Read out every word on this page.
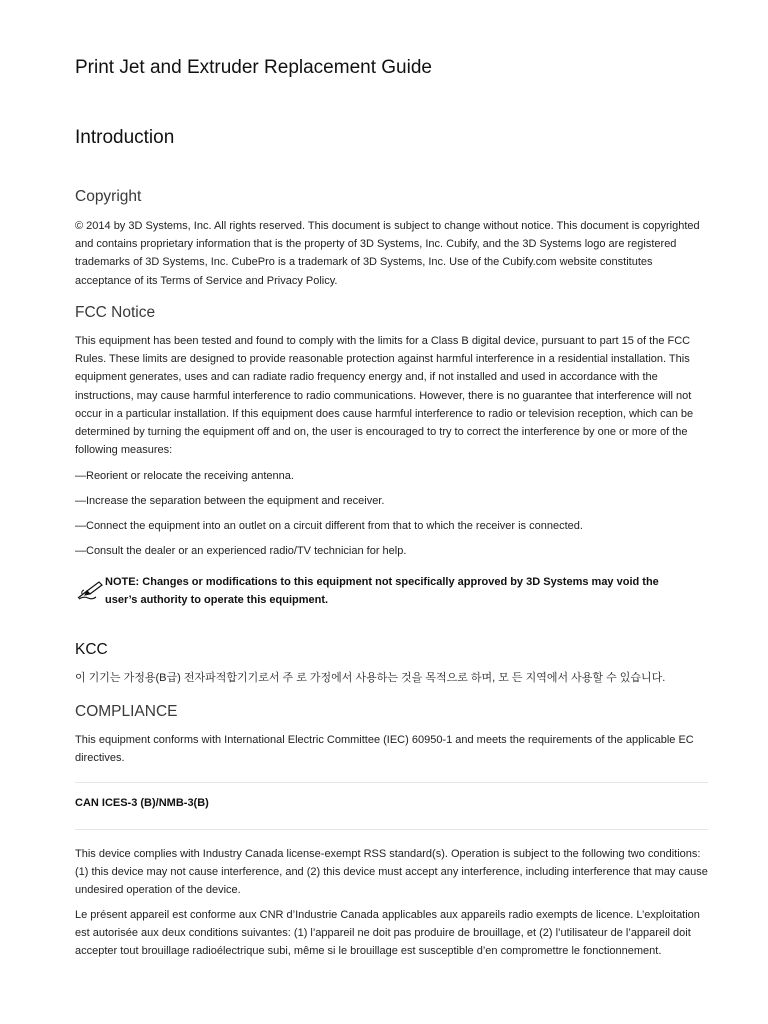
Print Jet and Extruder Replacement Guide
Introduction
Copyright

© 2014 by 3D Systems, Inc. All rights reserved. This document is subject to change without notice. This document is copyrighted and contains proprietary information that is the property of 3D Systems, Inc. Cubify, and the 3D Systems logo are registered trademarks of 3D Systems, Inc. CubePro is a trademark of 3D Systems, Inc. Use of the Cubify.com website constitutes acceptance of its Terms of Service and Privacy Policy.

FCC Notice

This equipment has been tested and found to comply with the limits for a Class B digital device, pursuant to part 15 of the FCC Rules. These limits are designed to provide reasonable protection against harmful interference in a residential installation. This equipment generates, uses and can radiate radio frequency energy and, if not installed and used in accordance with the instructions, may cause harmful interference to radio communications. However, there is no guarantee that interference will not occur in a particular installation. If this equipment does cause harmful interference to radio or television reception, which can be determined by turning the equipment off and on, the user is encouraged to try to correct the interference by one or more of the following measures:

—Reorient or relocate the receiving antenna.

—Increase the separation between the equipment and receiver.

—Connect the equipment into an outlet on a circuit different from that to which the receiver is connected.

—Consult the dealer or an experienced radio/TV technician for help.

NOTE: Changes or modifications to this equipment not specifically approved by 3D Systems may void the user’s authority to operate this equipment.

KCC

이 기기는 가정용(B급) 전자파적합기기로서 주 로 가정에서 사용하는 것을 목적으로 하며, 모 든 지역에서 사용할 수 있습니다.

COMPLIANCE

This equipment conforms with International Electric Committee (IEC) 60950-1 and meets the requirements of the applicable EC directives.

CAN ICES-3 (B)/NMB-3(B)

This device complies with Industry Canada license-exempt RSS standard(s). Operation is subject to the following two conditions: (1) this device may not cause interference, and (2) this device must accept any interference, including interference that may cause undesired operation of the device.

Le présent appareil est conforme aux CNR d’Industrie Canada applicables aux appareils radio exempts de licence. L’exploitation est autorisée aux deux conditions suivantes: (1) l’appareil ne doit pas produire de brouillage, et (2) l’utilisateur de l’appareil doit accepter tout brouillage radioélectrique subi, même si le brouillage est susceptible d’en compromettre le fonctionnement.
